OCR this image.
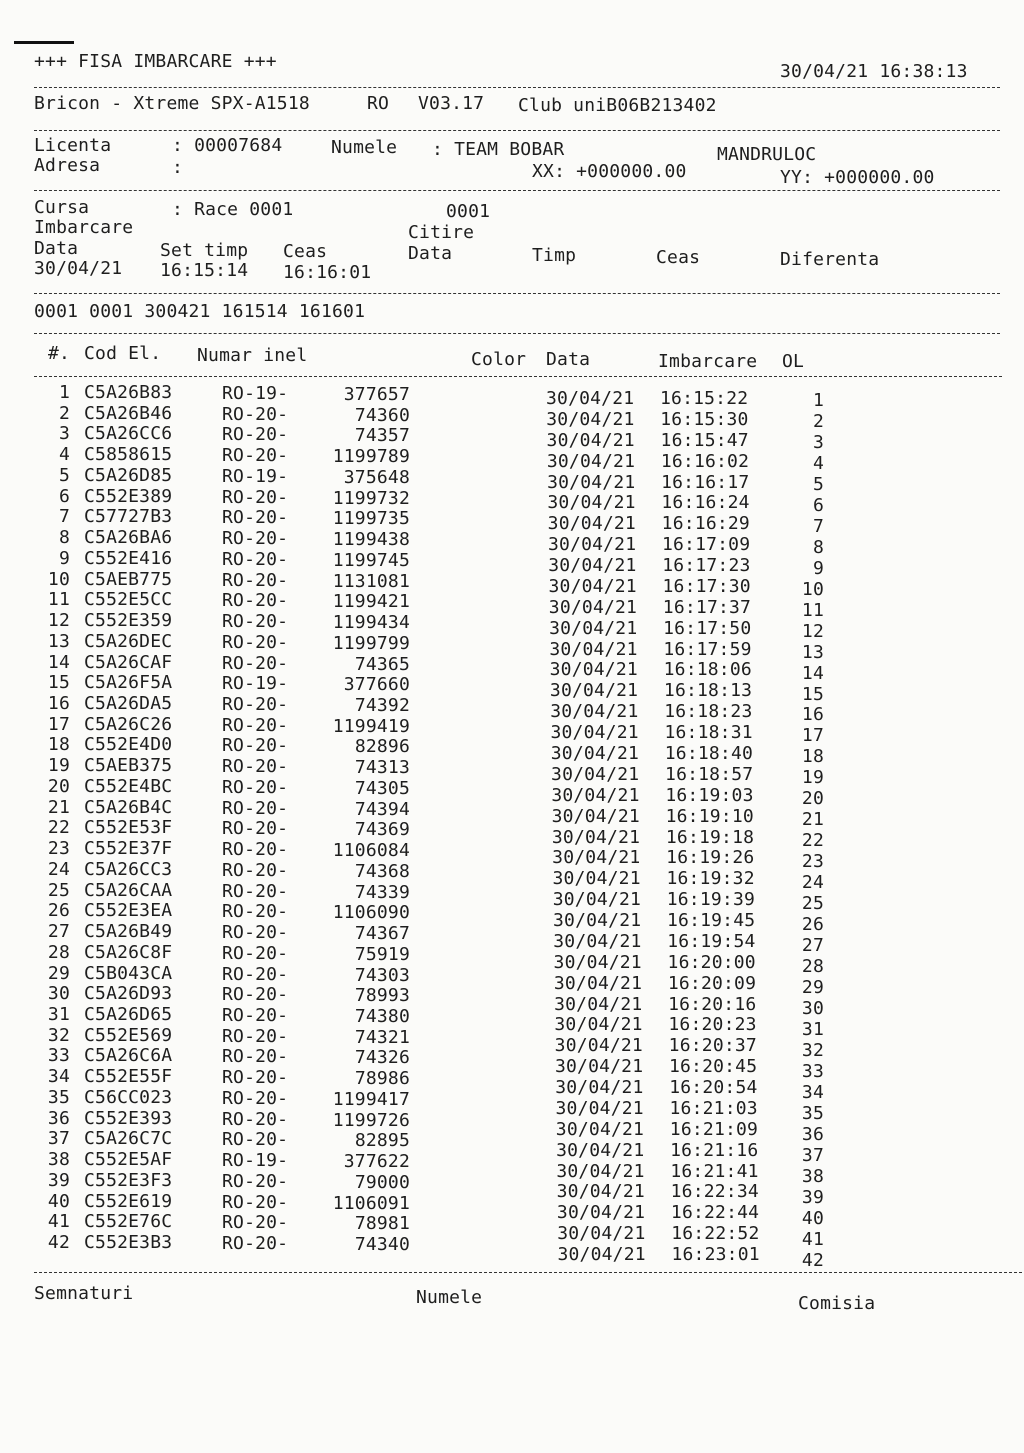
+++ FISA IMBARCARE +++	30/04/21 16:38:13
Bricon - Xtreme SPX-A1518	RO V03.17 Club uniB06B213402
Licenta	: 00007684	Numele : TEAM BOBAR	MANDRULOC
Adresa	:	XX: +000000.00	YY: +000000.00
Cursa	: Race 0001	0001
Imbarcare	Citire
Data	Set timp Ceas	Data	Timp	Ceas	Diferenta
30/04/21 16:15:14 16:16:01
0001 0001 300421 161514 161601
#. Cod El. Numar inel	Color Data	Imbarcare OL
1 C5A26B83	RO-19-	377657	30/04/21	16:15:22	1
2 C5A26B46	RO-20-	74360	30/04/21	16:15:30	2
3 C5A26CC6	RO-20-	74357	30/04/21	16:15:47	3
4 C5858615	RO-20-	1199789	30/04/21	16:16:02	4
5 C5A26D85	RO-19-	375648	30/04/21	16:16:17	5
6 C552E389	RO-20-	1199732	30/04/21	16:16:24	6
7 C57727B3	RO-20-	1199735	30/04/21	16:16:29	7
8 C5A26BA6	RO-20-	1199438	30/04/21	16:17:09	8
9 C552E416	RO-20-	1199745	30/04/21	16:17:23	9
10 C5AEB775	RO-20-	1131081	30/04/21	16:17:30	10
11 C552E5CC	RO-20-	1199421	30/04/21	16:17:37	11
12 C552E359	RO-20-	1199434	30/04/21	16:17:50	12
13 C5A26DEC	RO-20-	1199799	30/04/21	16:17:59	13
14 C5A26CAF	RO-20-	74365	30/04/21	16:18:06	14
15 C5A26F5A	RO-19-	377660	30/04/21	16:18:13	15
16 C5A26DA5	RO-20-	74392	30/04/21	16:18:23	16
17 C5A26C26	RO-20-	1199419	30/04/21	16:18:31	17
18 C552E4D0	RO-20-	82896	30/04/21	16:18:40	18
19 C5AEB375	RO-20-	74313	30/04/21	16:18:57	19
20 C552E4BC	RO-20-	74305	30/04/21	16:19:03	20
21 C5A26B4C	RO-20-	74394	30/04/21	16:19:10	21
22 C552E53F	RO-20-	74369	30/04/21	16:19:18	22
23 C552E37F	RO-20-	1106084	30/04/21	16:19:26	23
24 C5A26CC3	RO-20-	74368	30/04/21	16:19:32	24
25 C5A26CAA	RO-20-	74339	30/04/21	16:19:39	25
26 C552E3EA	RO-20-	1106090	30/04/21	16:19:45	26
27 C5A26B49	RO-20-	74367	30/04/21	16:19:54	27
28 C5A26C8F	RO-20-	75919	30/04/21	16:20:00	28
29 C5B043CA	RO-20-	74303	30/04/21	16:20:09	29
30 C5A26D93	RO-20-	78993	30/04/21	16:20:16	30
31 C5A26D65	RO-20-	74380	30/04/21	16:20:23	31
32 C552E569	RO-20-	74321	30/04/21	16:20:37	32
33 C5A26C6A	RO-20-	74326	30/04/21	16:20:45	33
34 C552E55F	RO-20-	78986	30/04/21	16:20:54	34
35 C56CC023	RO-20-	1199417	30/04/21	16:21:03	35
36 C552E393	RO-20-	1199726	30/04/21	16:21:09	36
37 C5A26C7C	RO-20-	82895	30/04/21	16:21:16	37
38 C552E5AF	RO-19-	377622	30/04/21	16:21:41	38
39 C552E3F3	RO-20-	79000	30/04/21	16:22:34	39
40 C552E619	RO-20-	1106091	30/04/21	16:22:44	40
41 C552E76C	RO-20-	78981	30/04/21	16:22:52	41
42 C552E3B3	RO-20-	74340	30/04/21	16:23:01	42
Semnaturi	Numele	Comisia
